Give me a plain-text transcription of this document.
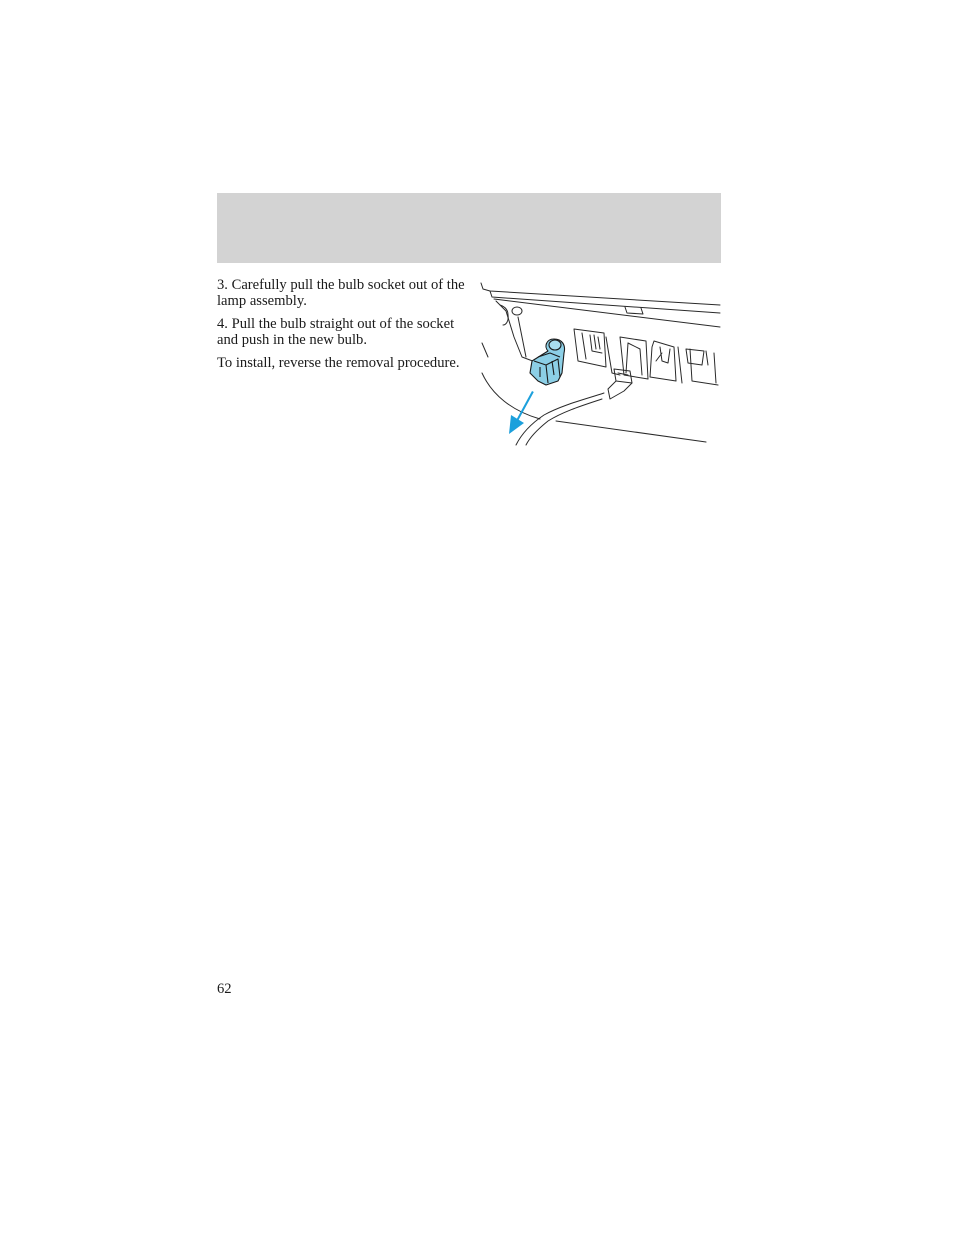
3. Carefully pull the bulb socket out of the lamp assembly.

4. Pull the bulb straight out of the socket and push in the new bulb.

To install, reverse the removal procedure.

62
